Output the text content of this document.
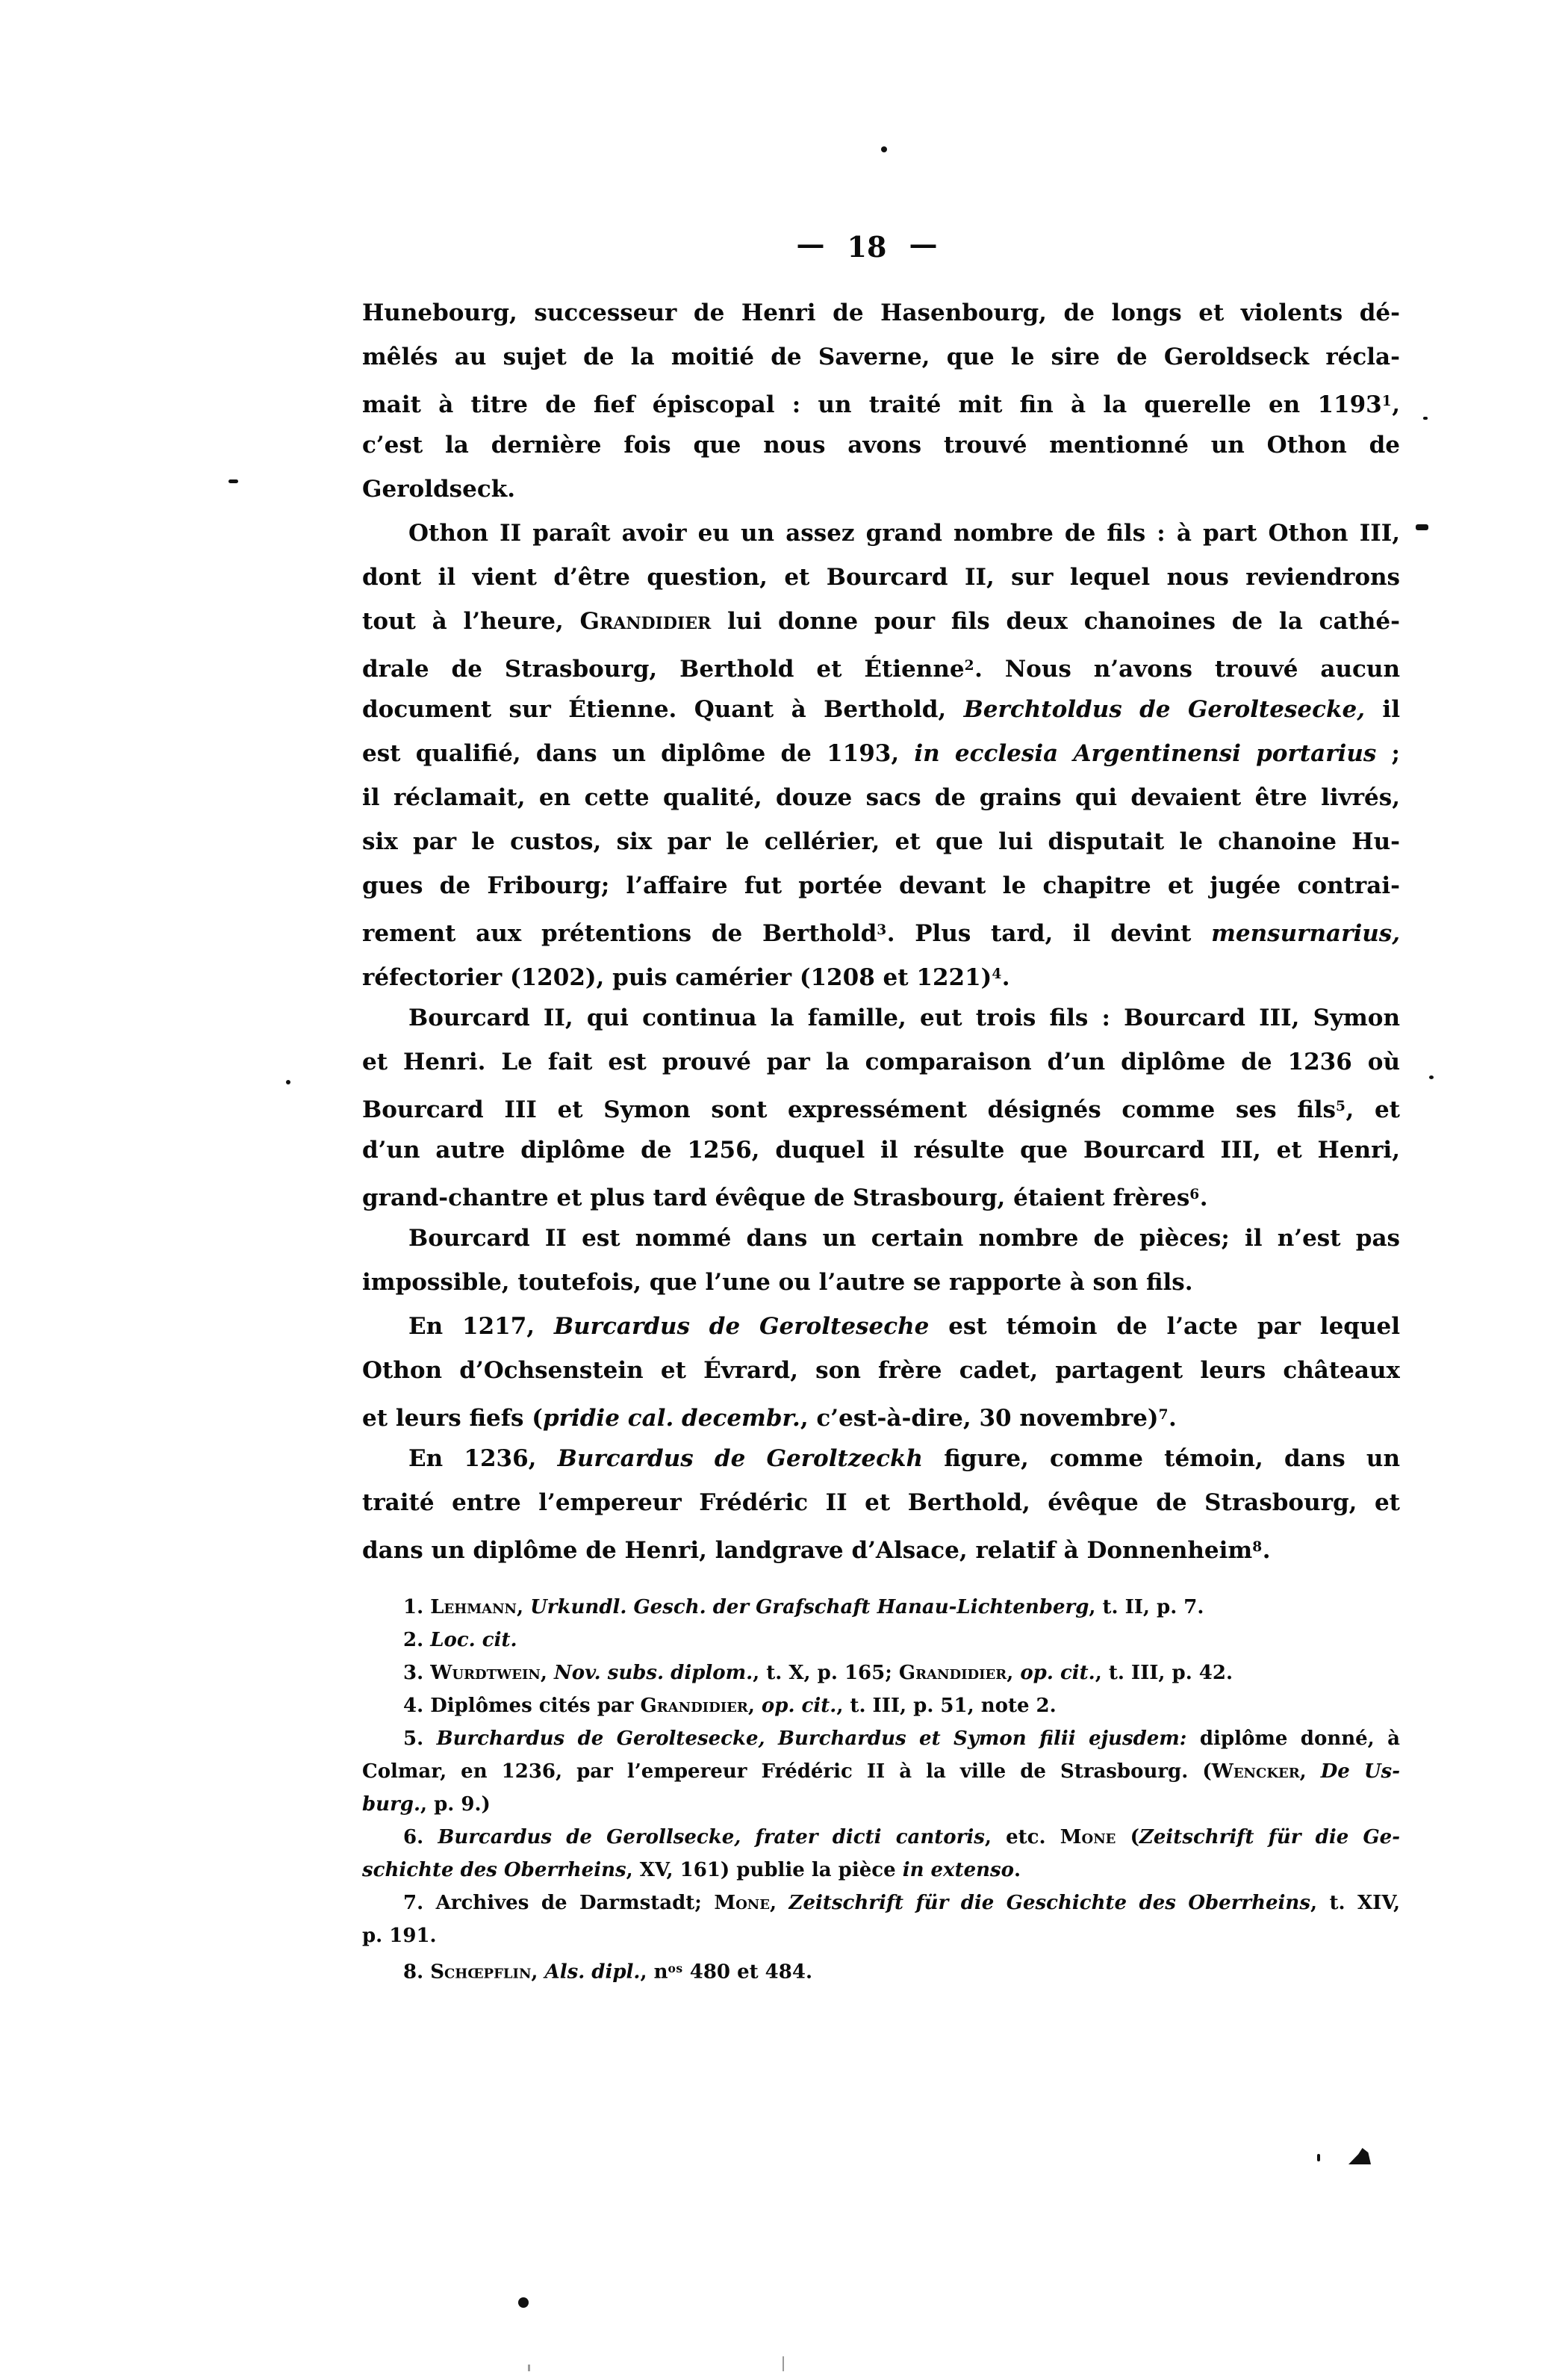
— 18 —
Hunebourg, successeur de Henri de Hasenbourg, de longs et violents dé-
mêlés au sujet de la moitié de Saverne, que le sire de Geroldseck récla-
mait à titre de fief épiscopal : un traité mit fin à la querelle en 1193$^1$,
c’est la dernière fois que nous avons trouvé mentionné un Othon de
Geroldseck.
Othon II paraît avoir eu un assez grand nombre de fils : à part Othon III,
dont il vient d’être question, et Bourcard II, sur lequel nous reviendrons
tout à l’heure, Grandidier lui donne pour fils deux chanoines de la cathé-
drale de Strasbourg, Berthold et Étienne$^2$. Nous n’avons trouvé aucun
document sur Étienne. Quant à Berthold, Berchtoldus de Geroltesecke, il
est qualifié, dans un diplôme de 1193, in ecclesia Argentinensi portarius ;
il réclamait, en cette qualité, douze sacs de grains qui devaient être livrés,
six par le custos, six par le cellérier, et que lui disputait le chanoine Hu-
gues de Fribourg; l’affaire fut portée devant le chapitre et jugée contrai-
rement aux prétentions de Berthold$^3$. Plus tard, il devint mensurnarius,
réfectorier (1202), puis camérier (1208 et 1221)$^4$.
Bourcard II, qui continua la famille, eut trois fils : Bourcard III, Symon
et Henri. Le fait est prouvé par la comparaison d’un diplôme de 1236 où
Bourcard III et Symon sont expressément désignés comme ses fils$^5$, et
d’un autre diplôme de 1256, duquel il résulte que Bourcard III, et Henri,
grand-chantre et plus tard évêque de Strasbourg, étaient frères$^6$.
Bourcard II est nommé dans un certain nombre de pièces; il n’est pas
impossible, toutefois, que l’une ou l’autre se rapporte à son fils.
En 1217, Burcardus de Gerolteseche est témoin de l’acte par lequel
Othon d’Ochsenstein et Évrard, son frère cadet, partagent leurs châteaux
et leurs fiefs (pridie cal. decembr., c’est-à-dire, 30 novembre)$^7$.
En 1236, Burcardus de Geroltzeckh figure, comme témoin, dans un
traité entre l’empereur Frédéric II et Berthold, évêque de Strasbourg, et
dans un diplôme de Henri, landgrave d’Alsace, relatif à Donnenheim$^8$.
1. Lehmann, Urkundl. Gesch. der Grafschaft Hanau-Lichtenberg, t. II, p. 7.
2. Loc. cit.
3. Wurdtwein, Nov. subs. diplom., t. X, p. 165; Grandidier, op. cit., t. III, p. 42.
4. Diplômes cités par Grandidier, op. cit., t. III, p. 51, note 2.
5. Burchardus de Geroltesecke, Burchardus et Symon filii ejusdem: diplôme donné, à
Colmar, en 1236, par l’empereur Frédéric II à la ville de Strasbourg. (Wencker, De Us-
burg., p. 9.)
6. Burcardus de Gerollsecke, frater dicti cantoris, etc. Mone (Zeitschrift für die Ge-
schichte des Oberrheins, XV, 161) publie la pièce in extenso.
7. Archives de Darmstadt; Mone, Zeitschrift für die Geschichte des Oberrheins, t. XIV,
p. 191.
8. Schœpflin, Als. dipl., $n^{os}$ 480 et 484.
